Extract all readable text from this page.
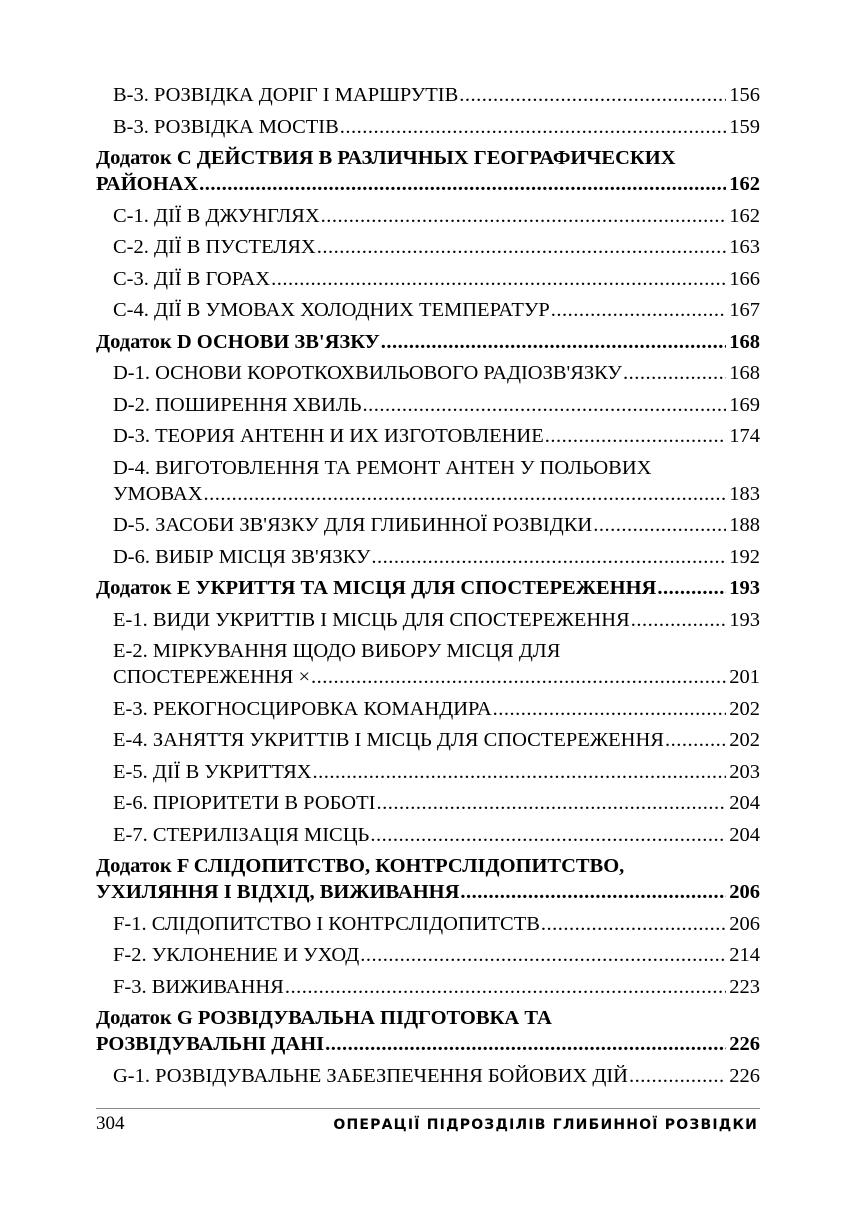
В-3. РОЗВІДКА ДОРІГ І МАРШРУТІВ .....	156
В-3. РОЗВІДКА МОСТІВ .....	159
Додаток C ДЕЙСТВИЯ В РАЗЛИЧНЫХ ГЕОГРАФИЧЕСКИХ
РАЙОНАХ .....	162
С-1. ДІЇ В ДЖУНГЛЯХ .....	162
С-2. ДІЇ В ПУСТЕЛЯХ .....	163
С-3. ДІЇ В ГОРАХ .....	166
С-4. ДІЇ В УМОВАХ ХОЛОДНИХ ТЕМПЕРАТУР .....	167
Додаток D ОСНОВИ ЗВ'ЯЗКУ .....	168
D-1. ОСНОВИ КОРОТКОХВИЛЬОВОГО РАДІОЗВ'ЯЗКУ .....	168
D-2. ПОШИРЕННЯ ХВИЛЬ .....	169
D-3. ТЕОРИЯ АНТЕНН И ИХ ИЗГОТОВЛЕНИЕ .....	174
D-4. ВИГОТОВЛЕННЯ ТА РЕМОНТ АНТЕН У ПОЛЬОВИХ
УМОВАХ .....	183
D-5. ЗАСОБИ ЗВ'ЯЗКУ ДЛЯ ГЛИБИННОЇ РОЗВІДКИ .....	188
D-6. ВИБІР МІСЦЯ ЗВ'ЯЗКУ .....	192
Додаток E УКРИТТЯ ТА МІСЦЯ ДЛЯ СПОСТЕРЕЖЕННЯ .....	193
Е-1. ВИДИ УКРИТТІВ І МІСЦЬ ДЛЯ СПОСТЕРЕЖЕННЯ .....	193
Е-2. МІРКУВАННЯ ЩОДО ВИБОРУ МІСЦЯ ДЛЯ
СПОСТЕРЕЖЕННЯ × .....	201
Е-3. РЕКОГНОСЦИРОВКА КОМАНДИРА .....	202
Е-4. ЗАНЯТТЯ УКРИТТІВ І МІСЦЬ ДЛЯ СПОСТЕРЕЖЕННЯ .....	202
Е-5. ДІЇ В УКРИТТЯХ .....	203
Е-6. ПРІОРИТЕТИ В РОБОТІ .....	204
Е-7. СТЕРИЛІЗАЦІЯ МІСЦЬ .....	204
Додаток F СЛІДОПИТСТВО, КОНТРСЛІДОПИТСТВО,
УХИЛЯННЯ І ВІДХІД, ВИЖИВАННЯ .....	206
F-1. СЛІДОПИТСТВО І КОНТРСЛІДОПИТСТВ .....	206
F-2. УКЛОНЕНИЕ И УХОД .....	214
F-3. ВИЖИВАННЯ .....	223
Додаток G РОЗВІДУВАЛЬНА ПІДГОТОВКА ТА
РОЗВІДУВАЛЬНІ ДАНІ .....	226
G-1. РОЗВІДУВАЛЬНЕ ЗАБЕЗПЕЧЕННЯ БОЙОВИХ ДІЙ .....	226
304	ОПЕРАЦІЇ ПІДРОЗДІЛІВ ГЛИБИННОЇ РОЗВІДКИ
